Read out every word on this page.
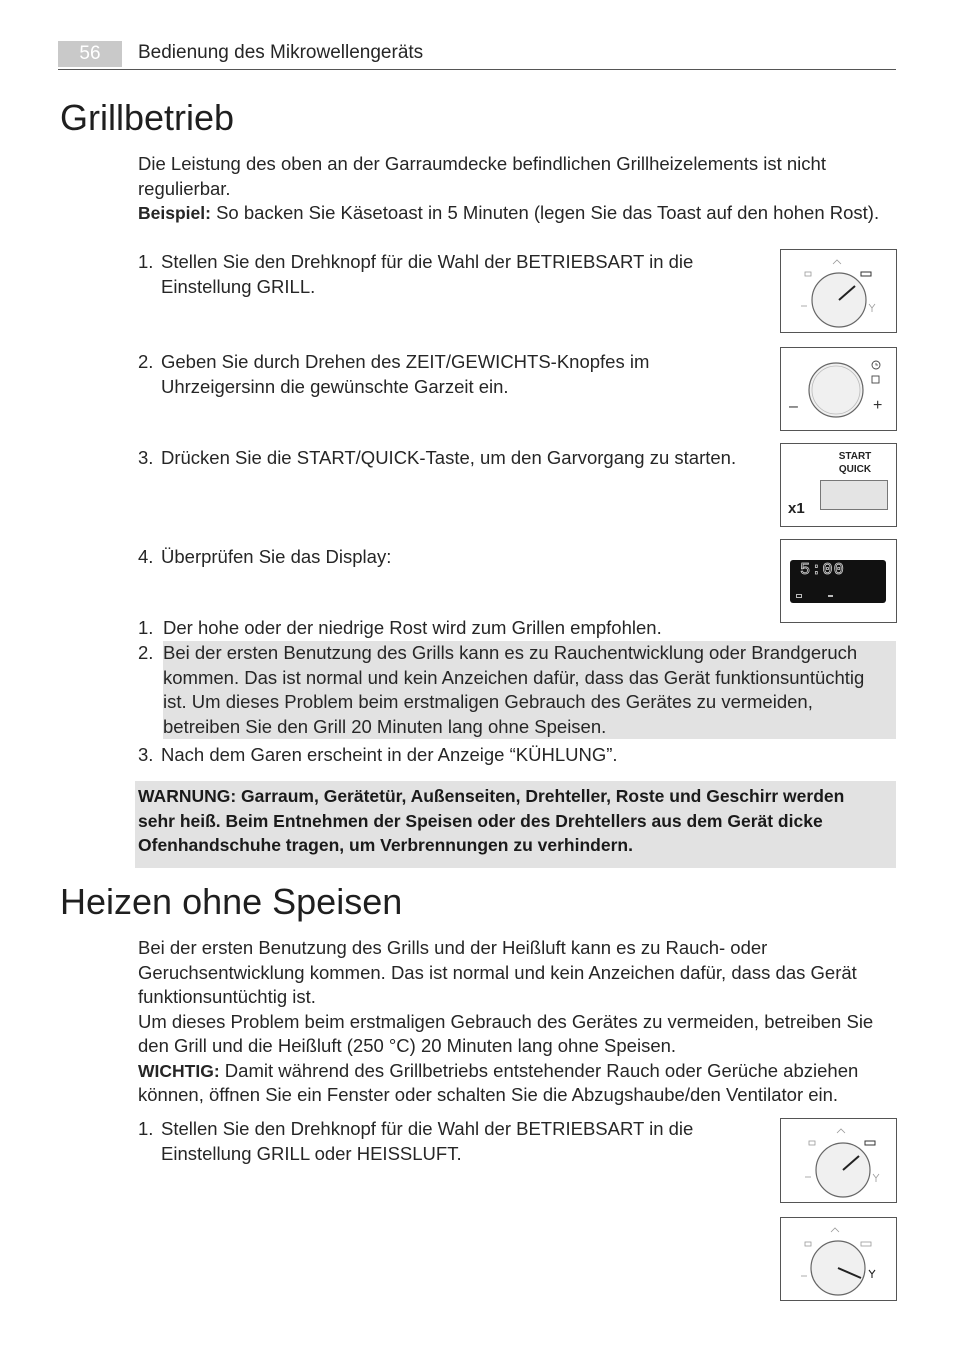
56	Bedienung des Mikrowellengeräts
Grillbetrieb
Die Leistung des oben an der Garraumdecke befindlichen Grillheizelements ist nicht
regulierbar.
Beispiel: So backen Sie Käsetoast in 5 Minuten (legen Sie das Toast auf den hohen Rost).
1. Stellen Sie den Drehknopf für die Wahl der BETRIEBSART in die
Einstellung GRILL.
2. Geben Sie durch Drehen des ZEIT/GEWICHTS-Knopfes im
Uhrzeigersinn die gewünschte Garzeit ein.
3. Drücken Sie die START/QUICK-Taste, um den Garvorgang zu starten.
4. Überprüfen Sie das Display:
–	+
START
QUICK
x1
5:00
1. Der hohe oder der niedrige Rost wird zum Grillen empfohlen.
2. Bei der ersten Benutzung des Grills kann es zu Rauchentwicklung oder Brandgeruch kommen. Das ist normal und kein Anzeichen dafür, dass das Gerät funktionsuntüchtig ist. Um dieses Problem beim erstmaligen Gebrauch des Gerätes zu vermeiden, betreiben Sie den Grill 20 Minuten lang ohne Speisen.
3. Nach dem Garen erscheint in der Anzeige “KÜHLUNG”.
WARNUNG: Garraum, Gerätetür, Außenseiten, Drehteller, Roste und Geschirr werden sehr heiß. Beim Entnehmen der Speisen oder des Drehtellers aus dem Gerät dicke Ofenhandschuhe tragen, um Verbrennungen zu verhindern.
Heizen ohne Speisen
Bei der ersten Benutzung des Grills und der Heißluft kann es zu Rauch- oder Geruchsentwicklung kommen. Das ist normal und kein Anzeichen dafür, dass das Gerät funktionsuntüchtig ist.
Um dieses Problem beim erstmaligen Gebrauch des Gerätes zu vermeiden, betreiben Sie den Grill und die Heißluft (250 °C) 20 Minuten lang ohne Speisen.
WICHTIG: Damit während des Grillbetriebs entstehender Rauch oder Gerüche abziehen können, öffnen Sie ein Fenster oder schalten Sie die Abzugshaube/den Ventilator ein.
1. Stellen Sie den Drehknopf für die Wahl der BETRIEBSART in die
Einstellung GRILL oder HEISSLUFT.
